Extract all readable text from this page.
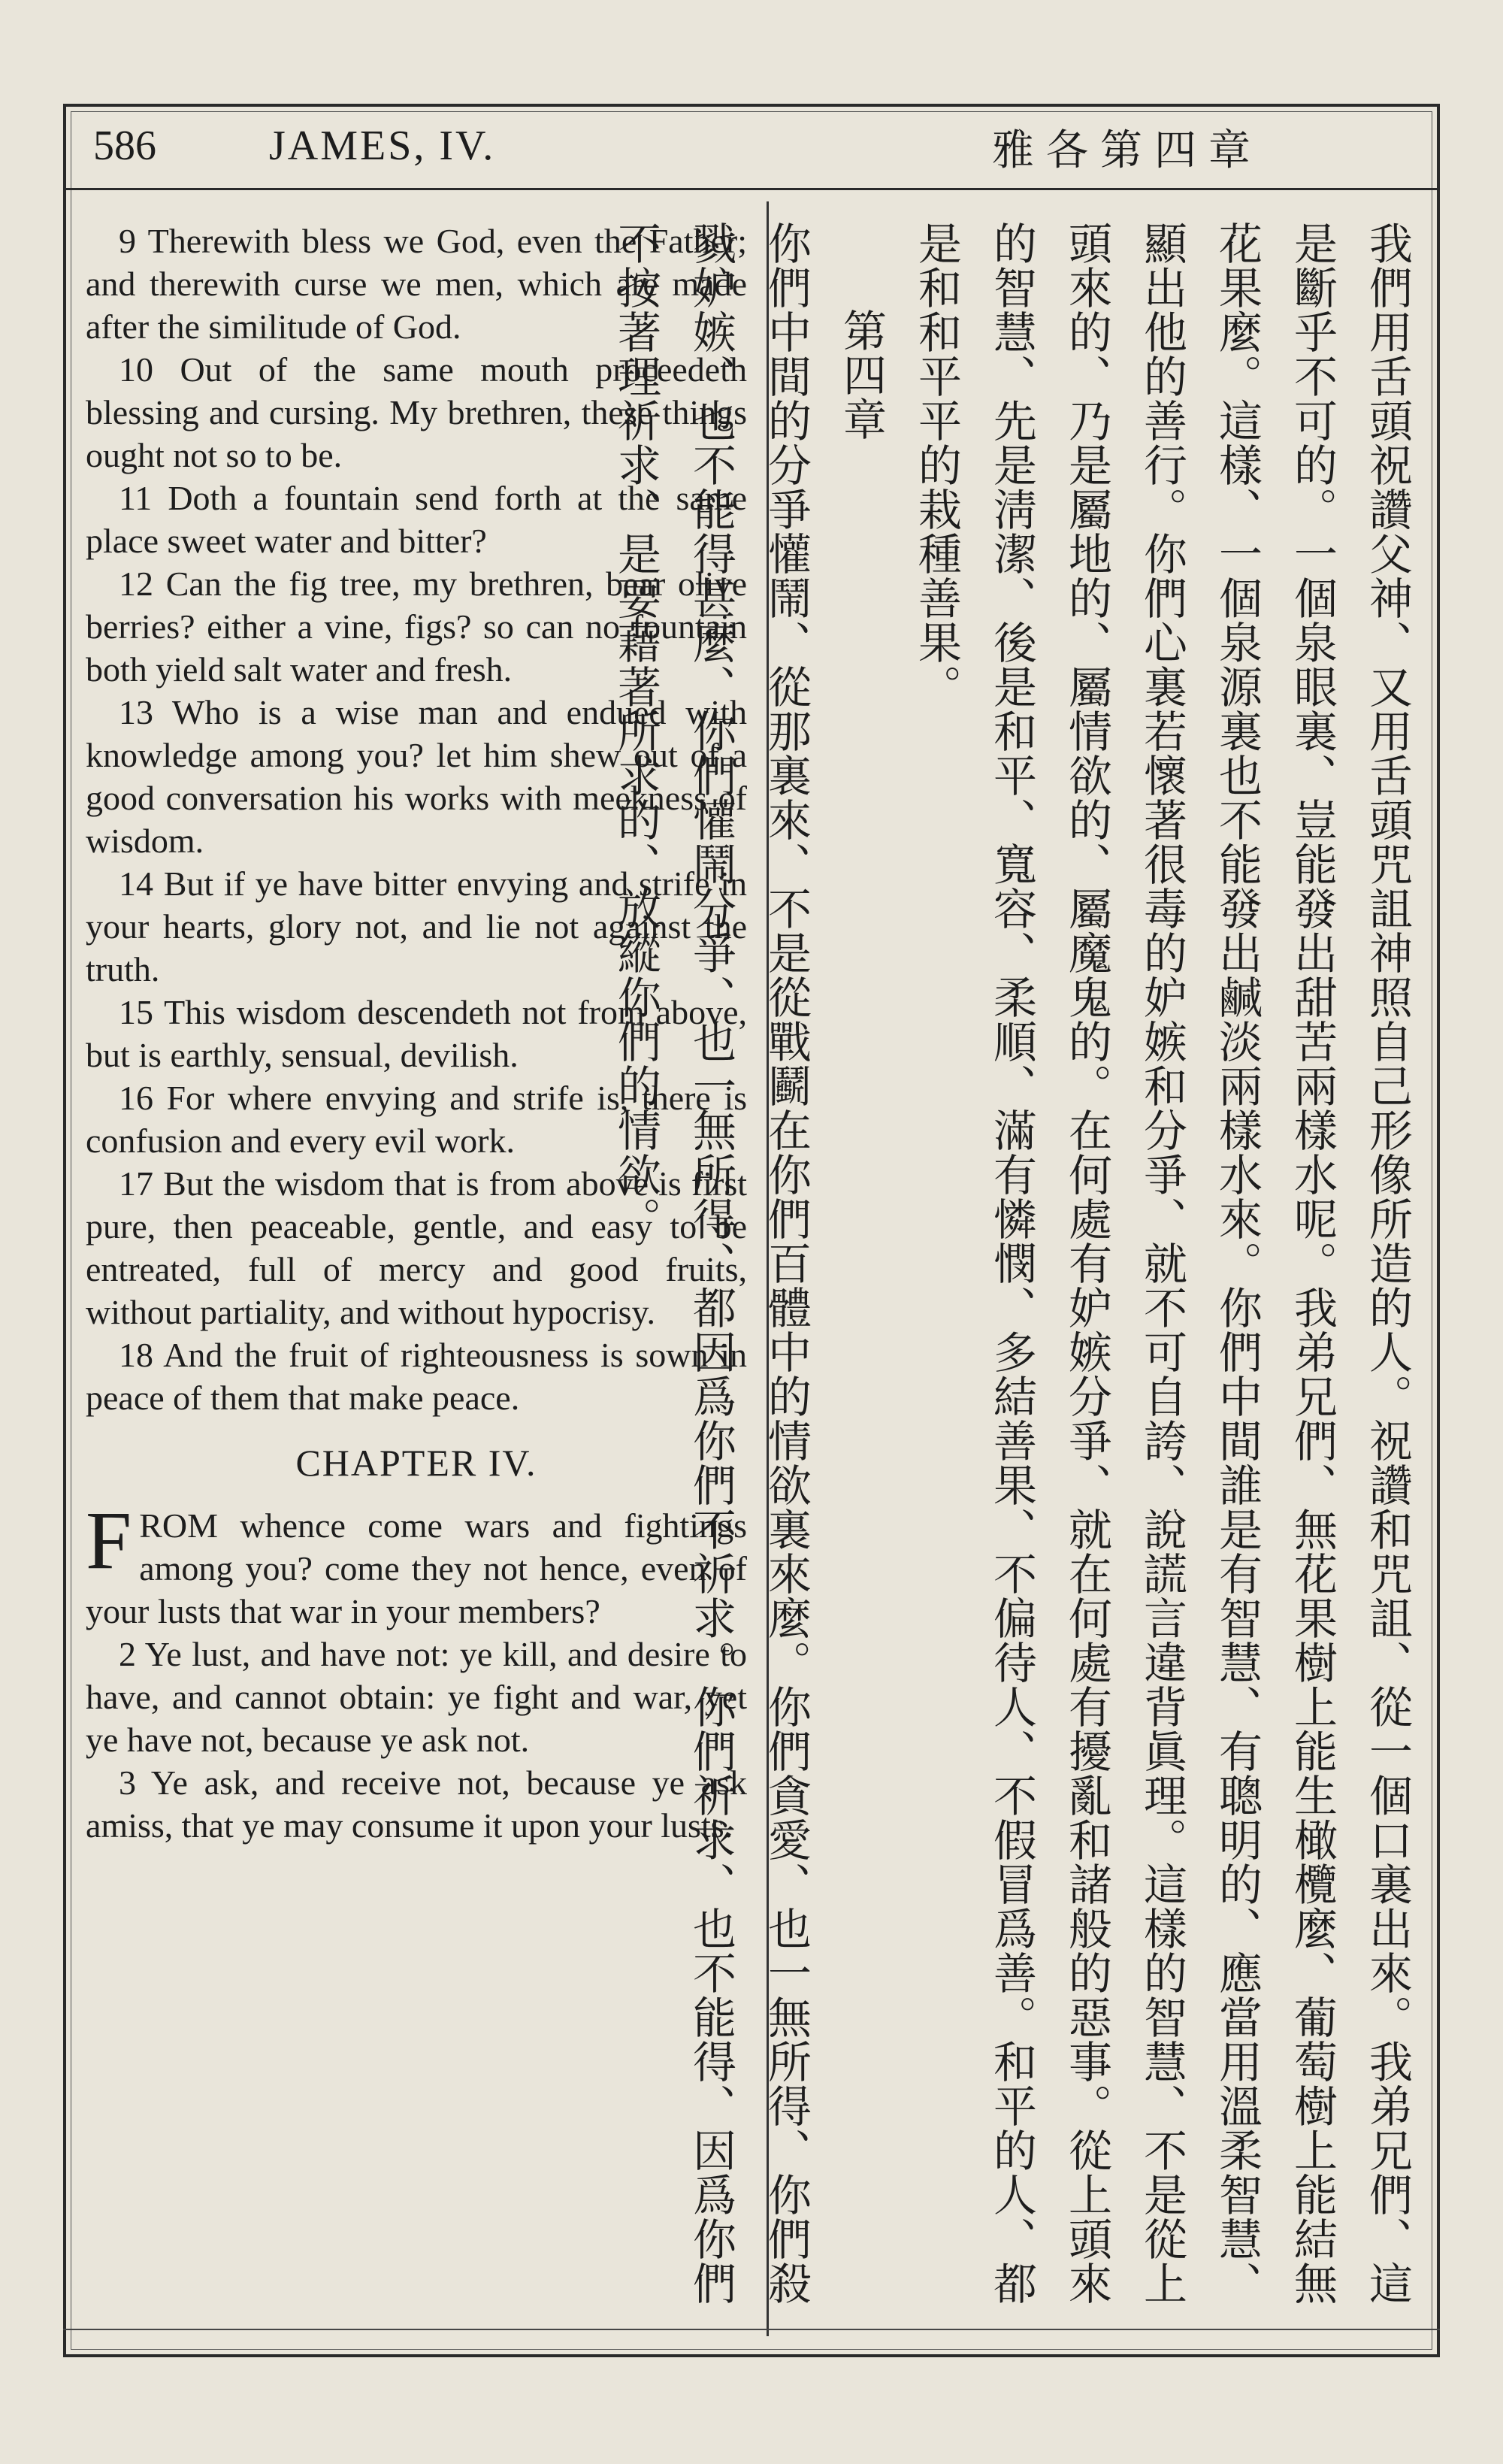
586	JAMES, IV.	雅各第四章

9 Therewith bless we God, even the Father; and therewith curse we men, which are made after the similitude of God.

10 Out of the same mouth proceedeth blessing and cursing. My brethren, these things ought not so to be.

11 Doth a fountain send forth at the same place sweet water and bitter?

12 Can the fig tree, my brethren, bear olive berries? either a vine, figs? so can no fountain both yield salt water and fresh.

13 Who is a wise man and endued with knowledge among you? let him shew out of a good conversation his works with meekness of wisdom.

14 But if ye have bitter envying and strife in your hearts, glory not, and lie not against the truth.

15 This wisdom descendeth not from above, but is earthly, sensual, devilish.

16 For where envying and strife is, there is confusion and every evil work.

17 But the wisdom that is from above is first pure, then peaceable, gentle, and easy to be entreated, full of mercy and good fruits, without partiality, and without hypocrisy.

18 And the fruit of righteousness is sown in peace of them that make peace.

CHAPTER IV.

FROM whence come wars and fightings among you? come they not hence, even of your lusts that war in your members?

2 Ye lust, and have not: ye kill, and desire to have, and cannot obtain: ye fight and war, yet ye have not, because ye ask not.

3 Ye ask, and receive not, because ye ask amiss, that ye may consume it upon your lusts.	我們用舌頭祝讚父神、又用舌頭咒詛神照自己形像所造的人。祝讚和咒詛、從一個口裏出來。我弟兄們、這是斷乎不可的。一個泉眼裏、豈能發出甜苦兩樣水呢。我弟兄們、無花果樹上能生橄欖麼、葡萄樹上能結無花果麼。這樣、一個泉源裏也不能發出鹹淡兩樣水來。你們中間誰是有智慧、有聰明的、應當用溫柔智慧、顯出他的善行。你們心裏若懷著很毒的妒嫉和分爭、就不可自誇、說謊言違背眞理。這樣的智慧、不是從上頭來的、乃是屬地的、屬情欲的、屬魔鬼的。在何處有妒嫉分爭、就在何處有擾亂和諸般的惡事。從上頭來的智慧、先是淸潔、後是和平、寬容、柔順、滿有憐憫、多結善果、不偏待人、不假冒爲善。和平的人、都是和和平平的栽種善果。

第四章

你們中間的分爭懽鬧、從那裏來、不是從戰鬬在你們百體中的情欲裏來麼。你們貪愛、也一無所得、你們殺戮妒嫉、也不能得甚麼、你們懽鬧分爭、也一無所得、都因爲你們不祈求。你們祈求、也不能得、因爲你們不按著理祈求、是要藉著所求的、放縱你們的情欲。
